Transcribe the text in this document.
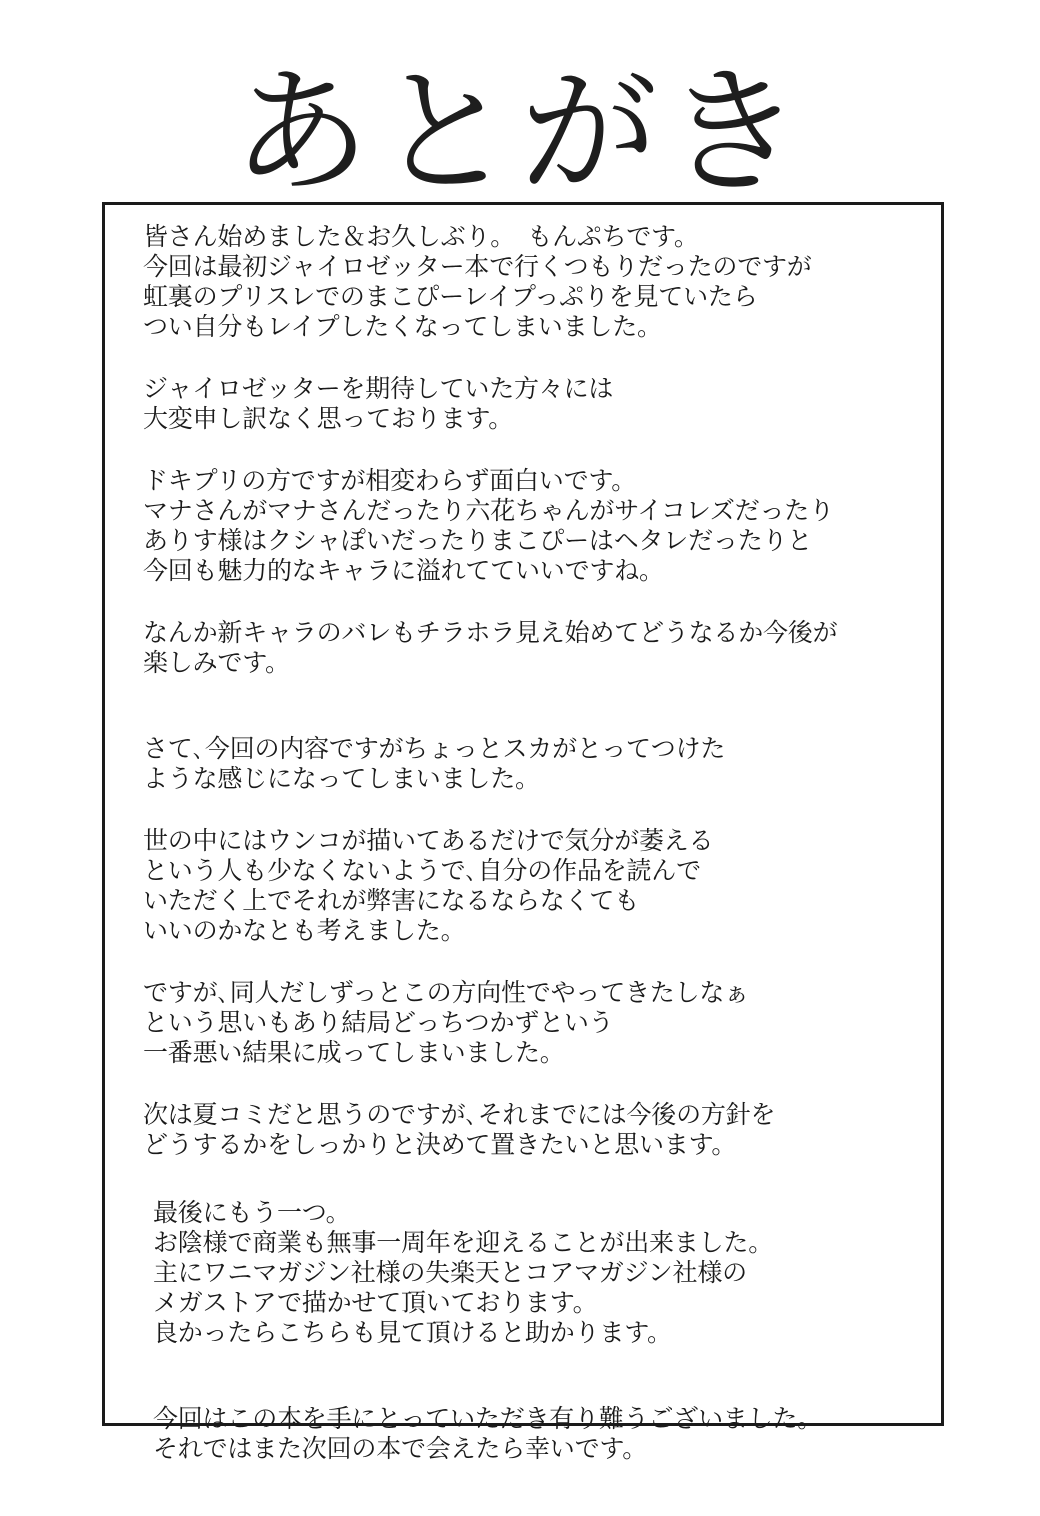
あとがき
皆さん始めました＆お久しぶり。　もんぷちです。
今回は最初ジャイロゼッター本で行くつもりだったのですが
虹裏のプリスレでのまこぴーレイプっぷりを見ていたら
つい自分もレイプしたくなってしまいました。
ジャイロゼッターを期待していた方々には
大変申し訳なく思っております。
ドキプリの方ですが相変わらず面白いです。
マナさんがマナさんだったり六花ちゃんがサイコレズだったり
ありす様はクシャぽいだったりまこぴーはヘタレだったりと
今回も魅力的なキャラに溢れてていいですね。
なんか新キャラのバレもチラホラ見え始めてどうなるか今後が
楽しみです。
さて､今回の内容ですがちょっとスカがとってつけた
ような感じになってしまいました。
世の中にはウンコが描いてあるだけで気分が萎える
という人も少なくないようで､自分の作品を読んで
いただく上でそれが弊害になるならなくても
いいのかなとも考えました。
ですが､同人だしずっとこの方向性でやってきたしなぁ
という思いもあり結局どっちつかずという
一番悪い結果に成ってしまいました。
次は夏コミだと思うのですが､それまでには今後の方針を
どうするかをしっかりと決めて置きたいと思います。
最後にもう一つ。
お陰様で商業も無事一周年を迎えることが出来ました。
主にワニマガジン社様の失楽天とコアマガジン社様の
メガストアで描かせて頂いております。
良かったらこちらも見て頂けると助かります。
今回はこの本を手にとっていただき有り難うございました。
それではまた次回の本で会えたら幸いです。
